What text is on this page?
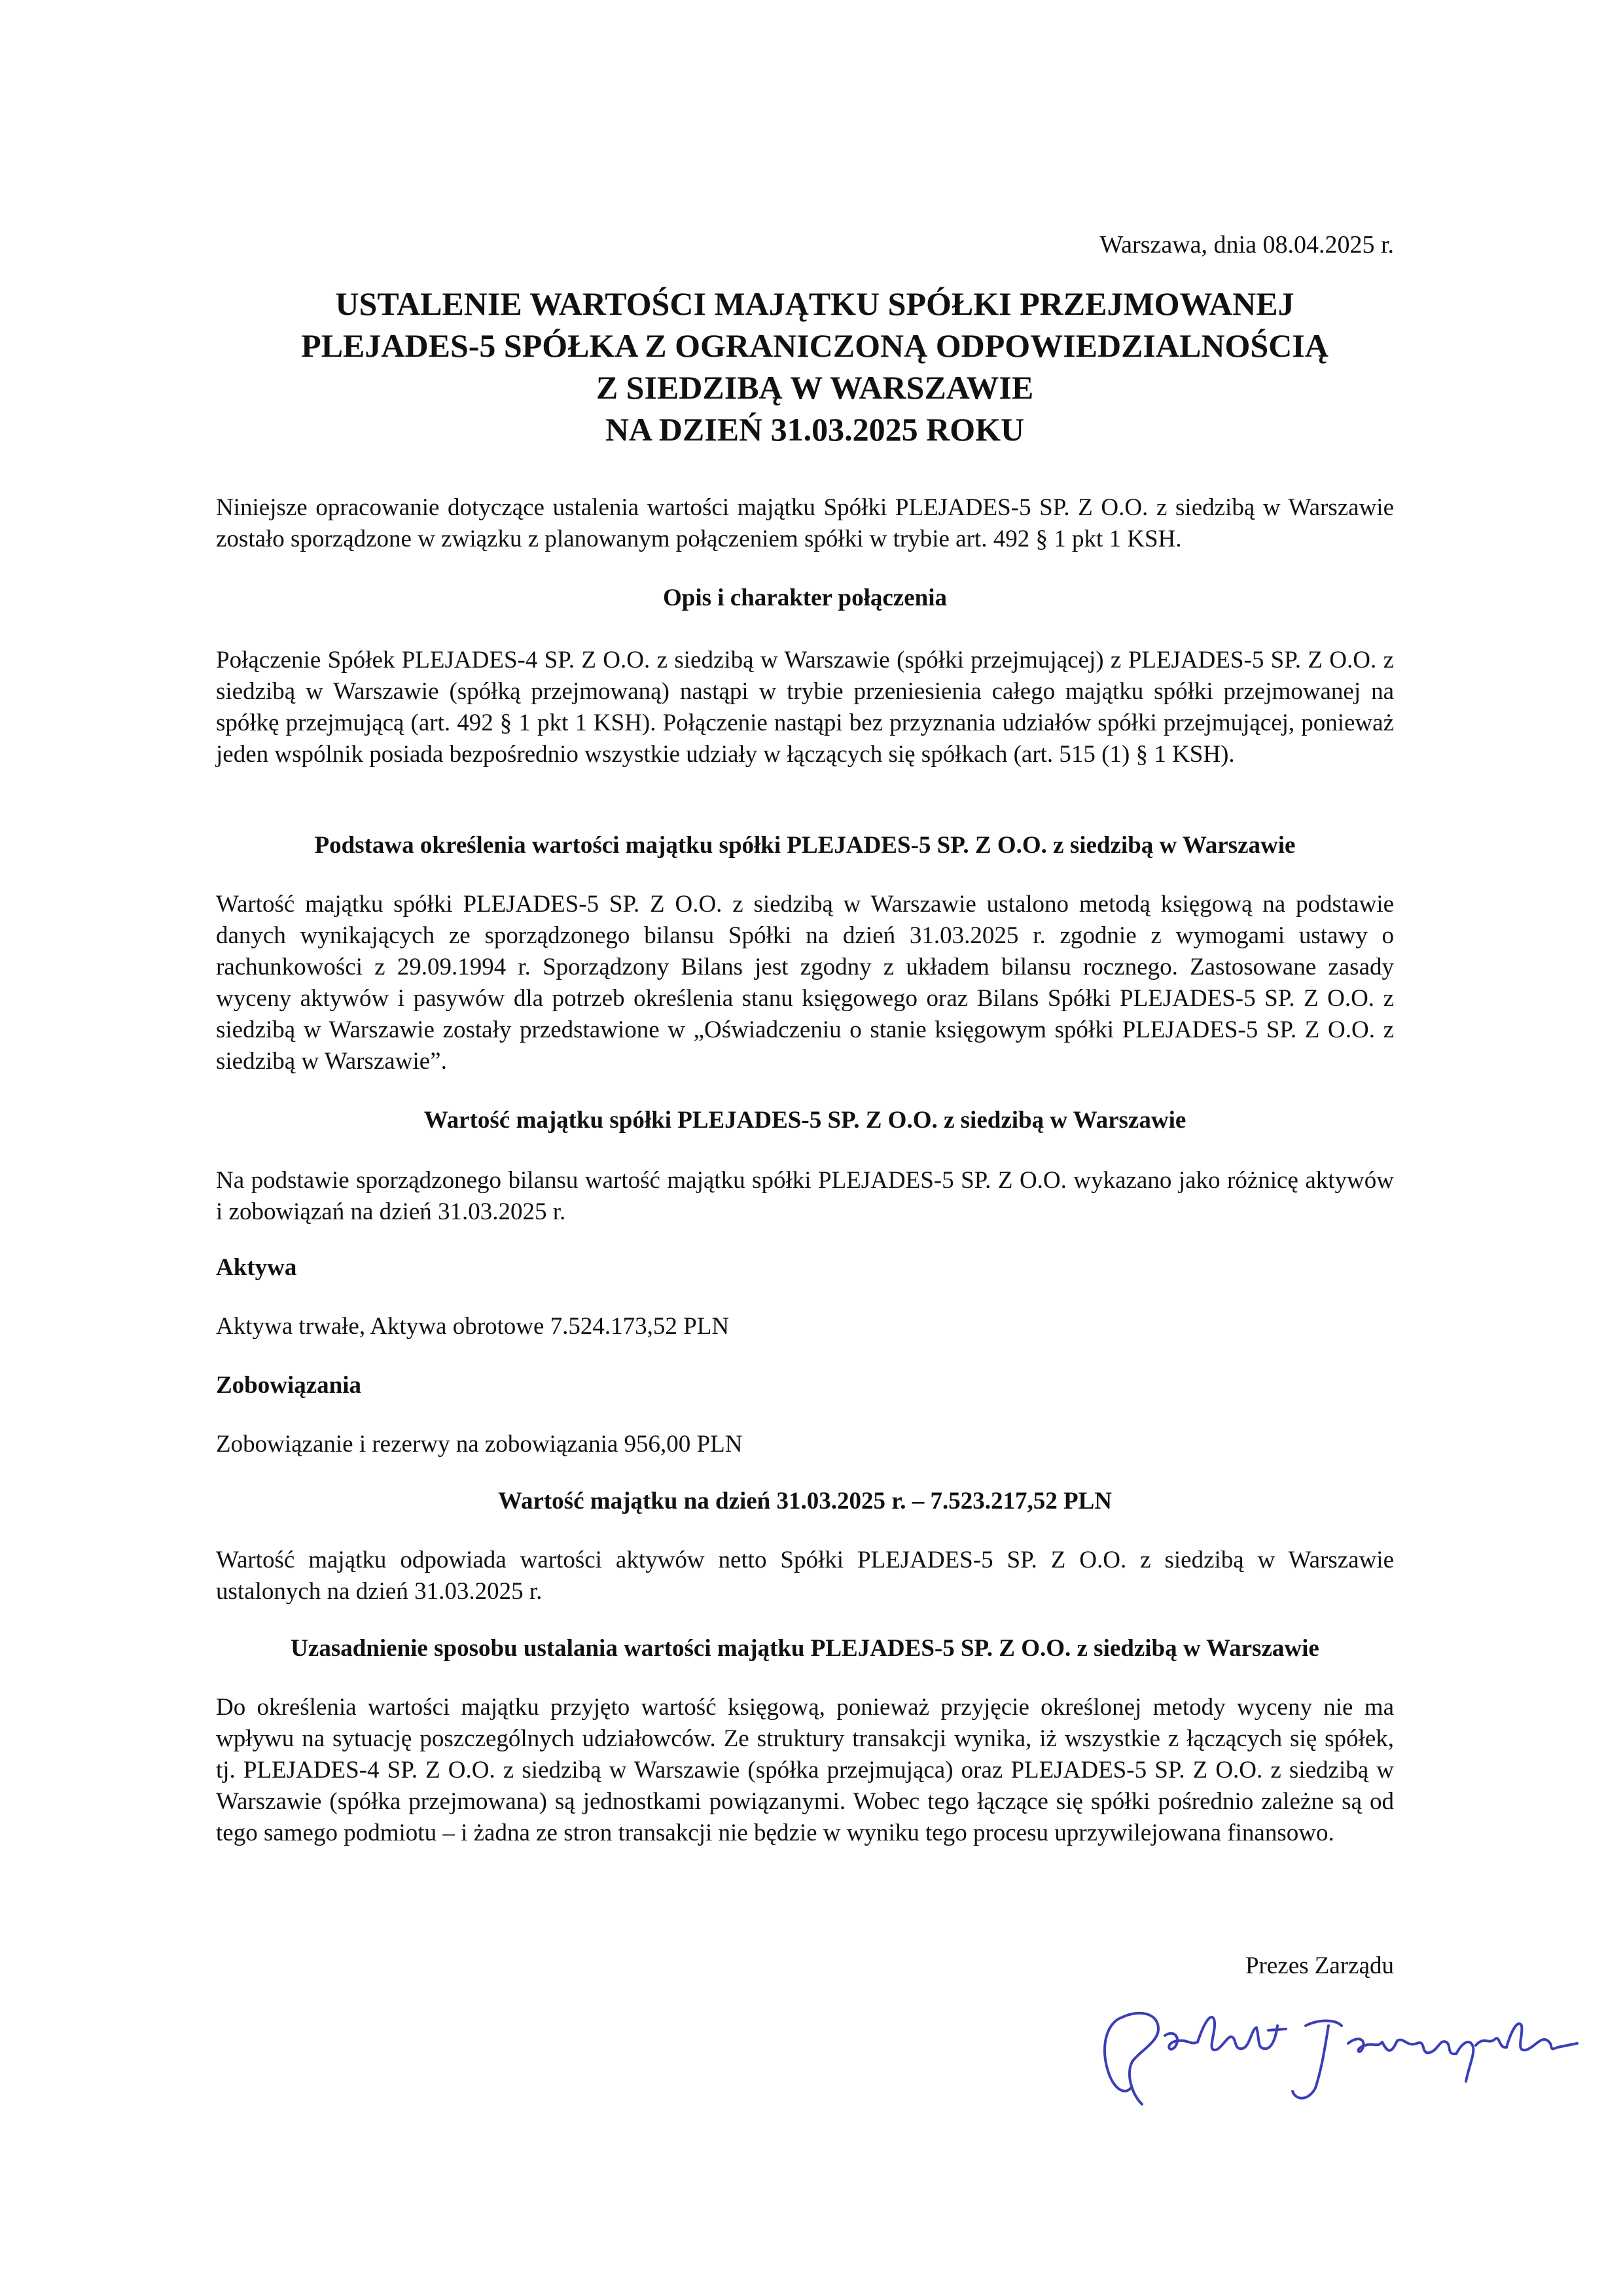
Warszawa, dnia 08.04.2025 r.
USTALENIE WARTOŚCI MAJĄTKU SPÓŁKI PRZEJMOWANEJ
PLEJADES-5 SPÓŁKA Z OGRANICZONĄ ODPOWIEDZIALNOŚCIĄ
Z SIEDZIBĄ W WARSZAWIE
NA DZIEŃ 31.03.2025 ROKU
Niniejsze opracowanie dotyczące ustalenia wartości majątku Spółki PLEJADES-5 SP. Z O.O. z siedzibą w Warszawie zostało sporządzone w związku z planowanym połączeniem spółki w trybie art. 492 § 1 pkt 1 KSH.
Opis i charakter połączenia
Połączenie Spółek PLEJADES-4 SP. Z O.O. z siedzibą w Warszawie (spółki przejmującej) z PLEJADES-5 SP. Z O.O. z siedzibą w Warszawie (spółką przejmowaną) nastąpi w trybie przeniesienia całego majątku spółki przejmowanej na spółkę przejmującą (art. 492 § 1 pkt 1 KSH). Połączenie nastąpi bez przyznania udziałów spółki przejmującej, ponieważ jeden wspólnik posiada bezpośrednio wszystkie udziały w łączących się spółkach (art. 515 (1) § 1 KSH).
Podstawa określenia wartości majątku spółki PLEJADES-5 SP. Z O.O. z siedzibą w Warszawie
Wartość majątku spółki PLEJADES-5 SP. Z O.O. z siedzibą w Warszawie ustalono metodą księgową na podstawie danych wynikających ze sporządzonego bilansu Spółki na dzień 31.03.2025 r. zgodnie z wymogami ustawy o rachunkowości z 29.09.1994 r. Sporządzony Bilans jest zgodny z układem bilansu rocznego. Zastosowane zasady wyceny aktywów i pasywów dla potrzeb określenia stanu księgowego oraz Bilans Spółki PLEJADES-5 SP. Z O.O. z siedzibą w Warszawie zostały przedstawione w „Oświadczeniu o stanie księgowym spółki PLEJADES-5 SP. Z O.O. z siedzibą w Warszawie”.
Wartość majątku spółki PLEJADES-5 SP. Z O.O. z siedzibą w Warszawie
Na podstawie sporządzonego bilansu wartość majątku spółki PLEJADES-5 SP. Z O.O. wykazano jako różnicę aktywów i zobowiązań na dzień 31.03.2025 r.
Aktywa
Aktywa trwałe, Aktywa obrotowe 7.524.173,52 PLN
Zobowiązania
Zobowiązanie i rezerwy na zobowiązania 956,00 PLN
Wartość majątku na dzień 31.03.2025 r. – 7.523.217,52 PLN
Wartość majątku odpowiada wartości aktywów netto Spółki PLEJADES-5 SP. Z O.O. z siedzibą w Warszawie ustalonych na dzień 31.03.2025 r.
Uzasadnienie sposobu ustalania wartości majątku PLEJADES-5 SP. Z O.O. z siedzibą w Warszawie
Do określenia wartości majątku przyjęto wartość księgową, ponieważ przyjęcie określonej metody wyceny nie ma wpływu na sytuację poszczególnych udziałowców. Ze struktury transakcji wynika, iż wszystkie z łączących się spółek, tj. PLEJADES-4 SP. Z O.O. z siedzibą w Warszawie (spółka przejmująca) oraz PLEJADES-5 SP. Z O.O. z siedzibą w Warszawie (spółka przejmowana) są jednostkami powiązanymi. Wobec tego łączące się spółki pośrednio zależne są od tego samego podmiotu – i żadna ze stron transakcji nie będzie w wyniku tego procesu uprzywilejowana finansowo.
Prezes Zarządu
